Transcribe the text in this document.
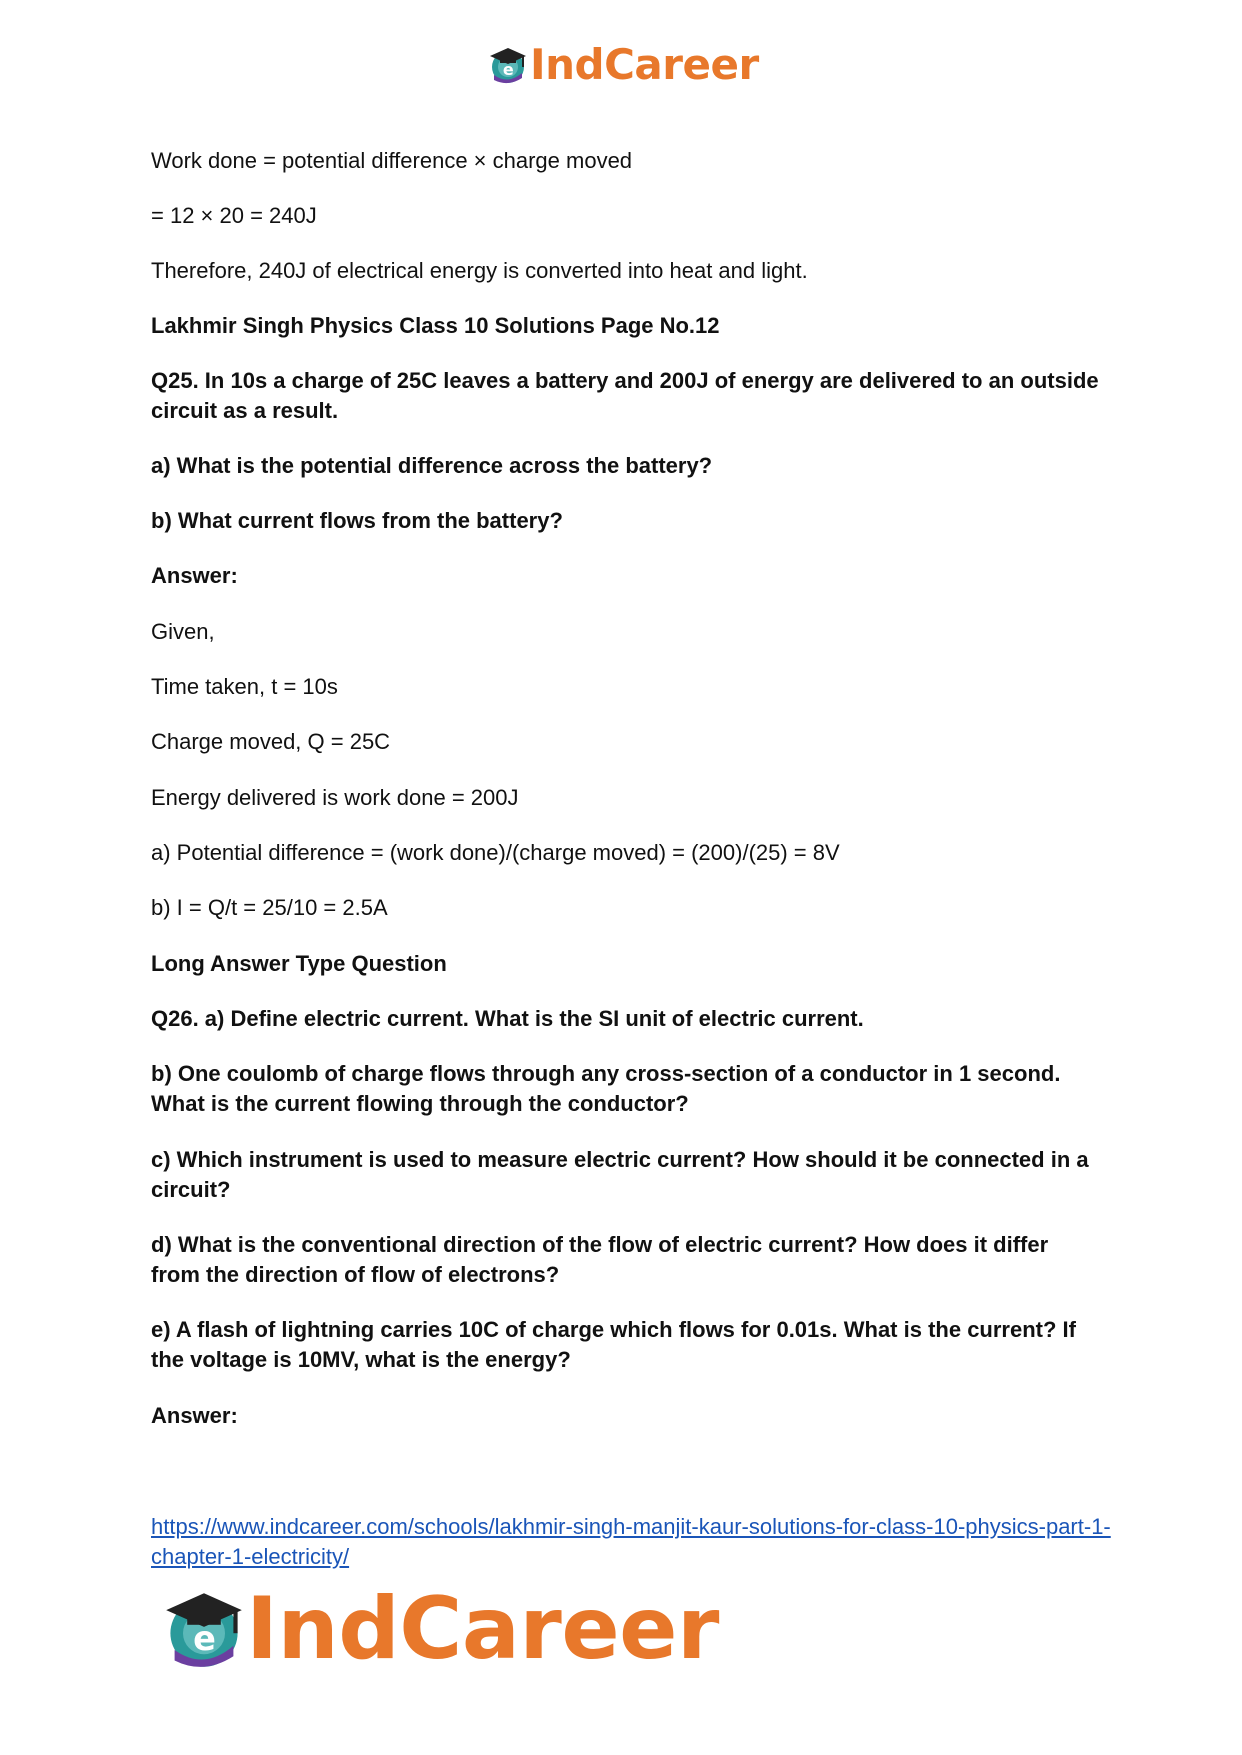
e IndCareer

Work done = potential difference × charge moved

= 12 × 20 = 240J

Therefore, 240J of electrical energy is converted into heat and light.

Lakhmir Singh Physics Class 10 Solutions Page No.12

Q25. In 10s a charge of 25C leaves a battery and 200J of energy are delivered to an outside circuit as a result.

a) What is the potential difference across the battery?

b) What current flows from the battery?

Answer:

Given,

Time taken, t = 10s

Charge moved, Q = 25C

Energy delivered is work done = 200J

a) Potential difference = (work done)/(charge moved) = (200)/(25) = 8V

b) I = Q/t = 25/10 = 2.5A

Long Answer Type Question

Q26. a) Define electric current. What is the SI unit of electric current.

b) One coulomb of charge flows through any cross-section of a conductor in 1 second. What is the current flowing through the conductor?

c) Which instrument is used to measure electric current? How should it be connected in a circuit?

d) What is the conventional direction of the flow of electric current? How does it differ from the direction of flow of electrons?

e) A flash of lightning carries 10C of charge which flows for 0.01s. What is the current? If the voltage is 10MV, what is the energy?

Answer:

https://www.indcareer.com/schools/lakhmir-singh-manjit-kaur-solutions-for-class-10-physics-part-1-chapter-1-electricity/
e IndCareer
